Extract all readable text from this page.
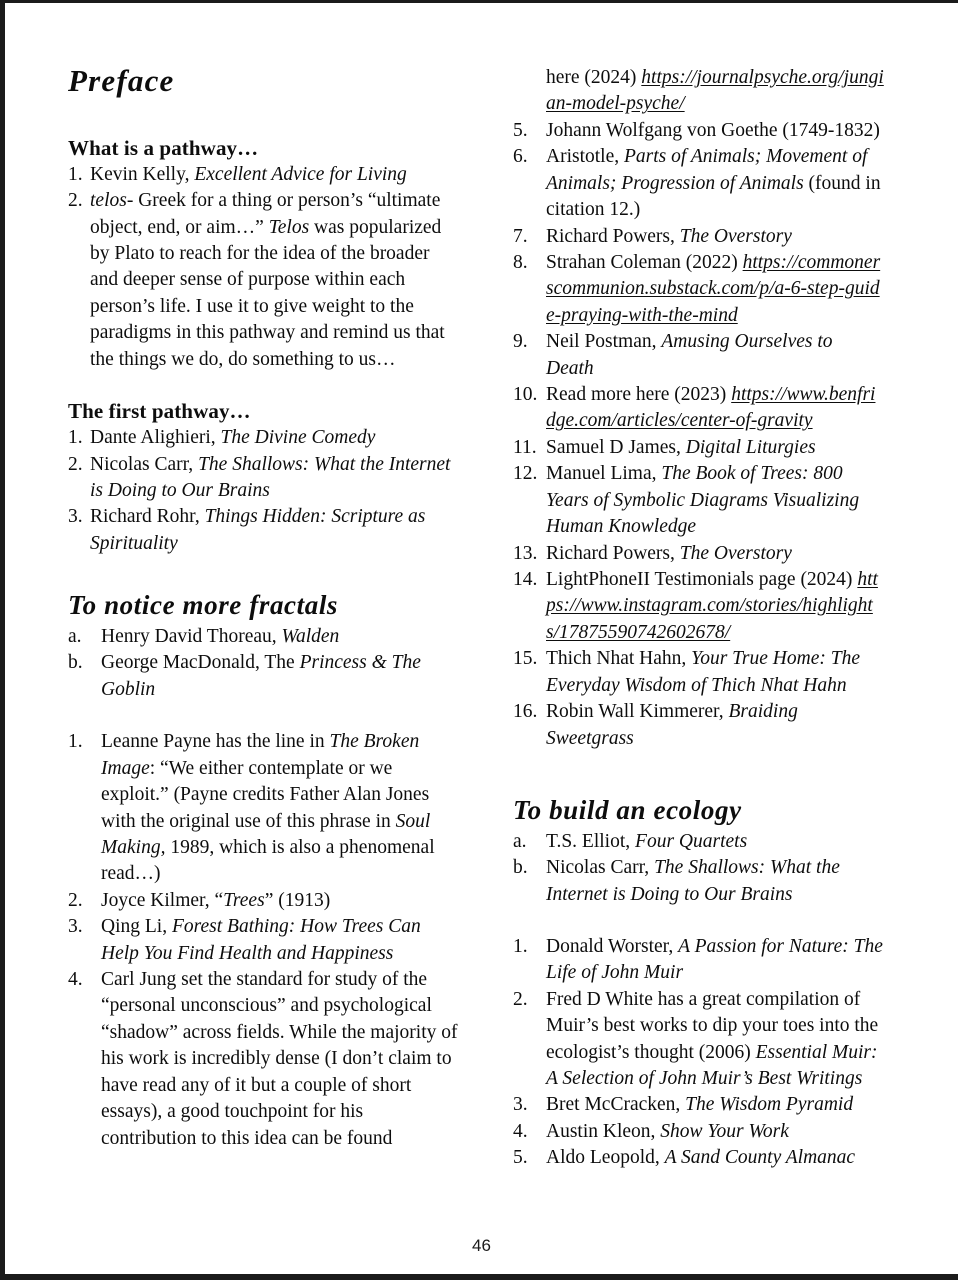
Preface
What is a pathway…
1. Kevin Kelly, Excellent Advice for Living
2. telos- Greek for a thing or person’s “ultimate object, end, or aim…” Telos was popularized by Plato to reach for the idea of the broader and deeper sense of purpose within each person’s life. I use it to give weight to the paradigms in this pathway and remind us that the things we do, do something to us…
The first pathway…
1. Dante Alighieri, The Divine Comedy
2. Nicolas Carr, The Shallows: What the Internet is Doing to Our Brains
3. Richard Rohr, Things Hidden: Scripture as Spirituality
To notice more fractals
a. Henry David Thoreau, Walden
b. George MacDonald, The Princess & The Goblin
1. Leanne Payne has the line in The Broken Image: “We either contemplate or we exploit.” (Payne credits Father Alan Jones with the original use of this phrase in Soul Making, 1989, which is also a phenomenal read…)
2. Joyce Kilmer, “Trees” (1913)
3. Qing Li, Forest Bathing: How Trees Can Help You Find Health and Happiness
4. Carl Jung set the standard for study of the “personal unconscious” and psychological “shadow” across fields. While the majority of his work is incredibly dense (I don’t claim to have read any of it but a couple of short essays), a good touchpoint for his contribution to this idea can be found
here (2024) https://journalpsyche.org/jungian-model-psyche/
5. Johann Wolfgang von Goethe (1749-1832)
6. Aristotle, Parts of Animals; Movement of Animals; Progression of Animals (found in citation 12.)
7. Richard Powers, The Overstory
8. Strahan Coleman (2022) https://commonerscommunion.substack.com/p/a-6-step-guide-praying-with-the-mind
9. Neil Postman, Amusing Ourselves to Death
10. Read more here (2023) https://www.benfridge.com/articles/center-of-gravity
11. Samuel D James, Digital Liturgies
12. Manuel Lima, The Book of Trees: 800 Years of Symbolic Diagrams Visualizing Human Knowledge
13. Richard Powers, The Overstory
14. LightPhoneII Testimonials page (2024) https://www.instagram.com/stories/highlights/17875590742602678/
15. Thich Nhat Hahn, Your True Home: The Everyday Wisdom of Thich Nhat Hahn
16. Robin Wall Kimmerer, Braiding Sweetgrass
To build an ecology
a. T.S. Elliot, Four Quartets
b. Nicolas Carr, The Shallows: What the Internet is Doing to Our Brains
1. Donald Worster, A Passion for Nature: The Life of John Muir
2. Fred D White has a great compilation of Muir’s best works to dip your toes into the ecologist’s thought (2006) Essential Muir: A Selection of John Muir’s Best Writings
3. Bret McCracken, The Wisdom Pyramid
4. Austin Kleon, Show Your Work
5. Aldo Leopold, A Sand County Almanac
46
